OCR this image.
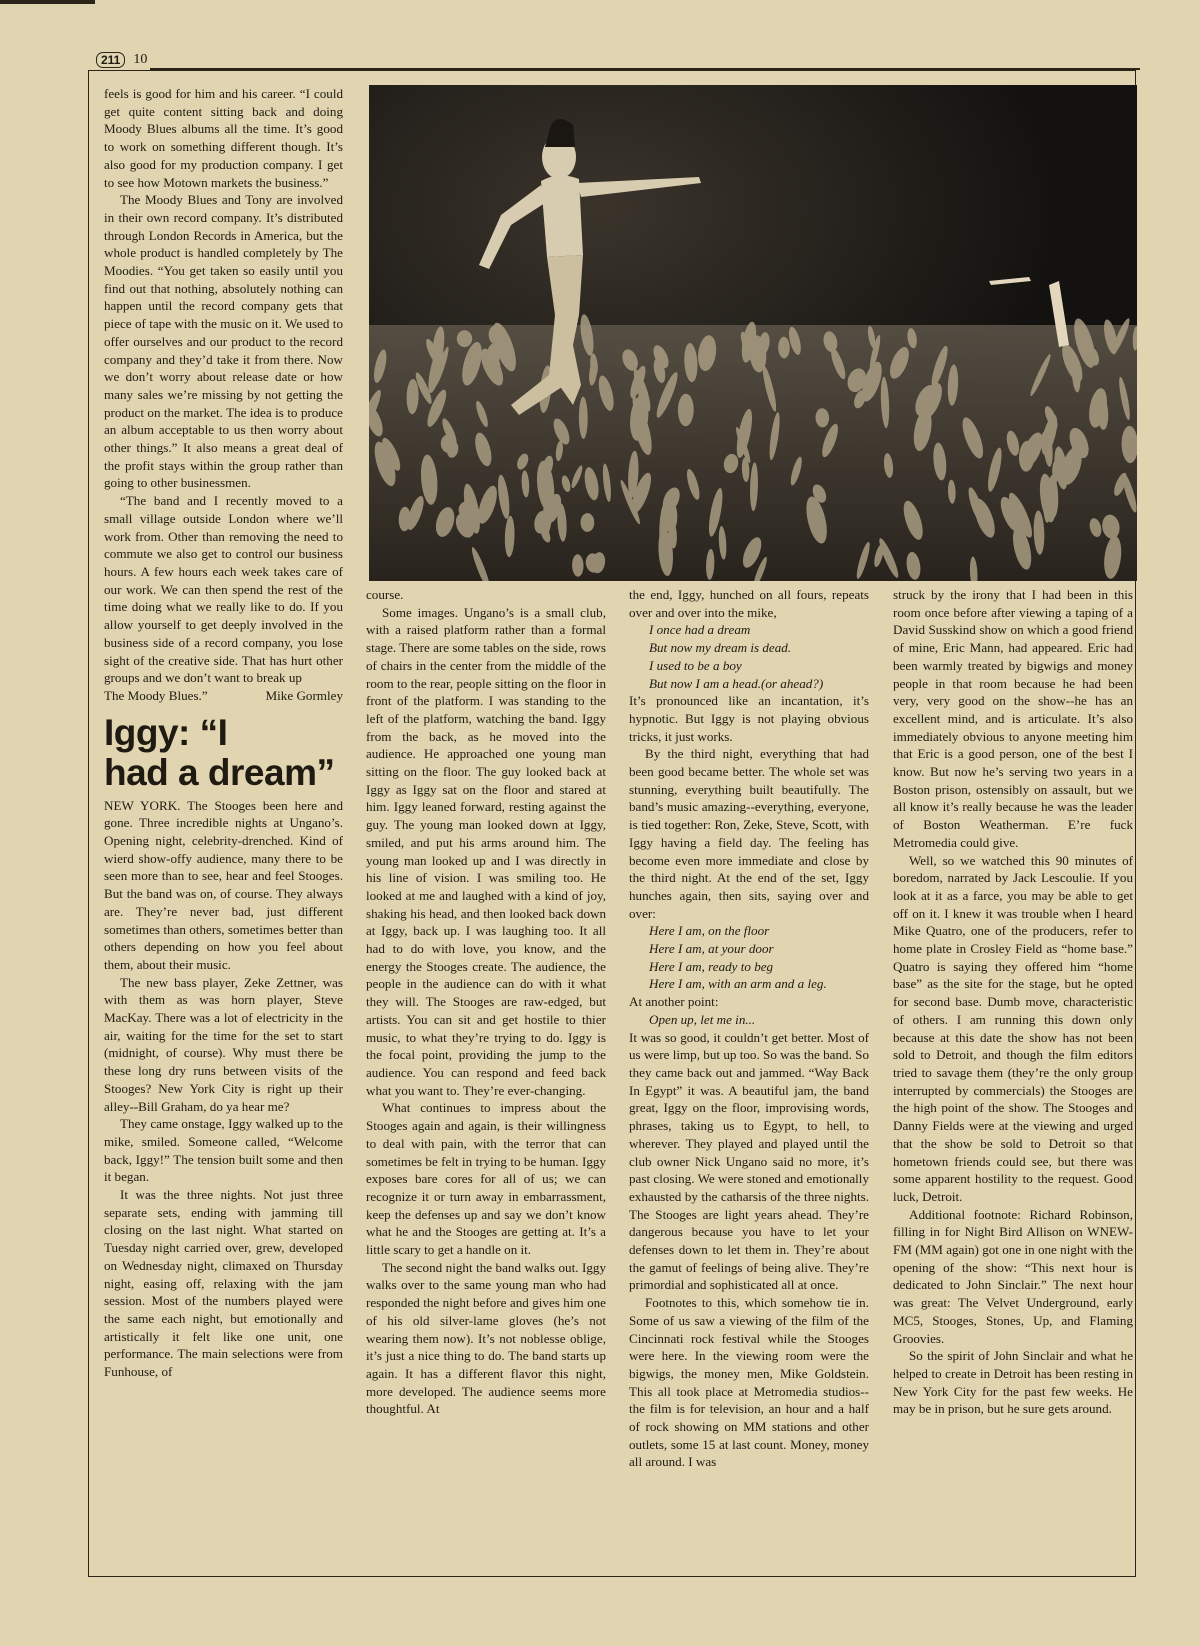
211 10

feels is good for him and his career. “I could get quite content sitting back and doing Moody Blues albums all the time. It’s good to work on something different though. It’s also good for my production company. I get to see how Motown markets the business.”

The Moody Blues and Tony are involved in their own record company. It’s distributed through London Records in America, but the whole product is handled completely by The Moodies. “You get taken so easily until you find out that nothing, absolutely nothing can happen until the record company gets that piece of tape with the music on it. We used to offer ourselves and our product to the record company and they’d take it from there. Now we don’t worry about release date or how many sales we’re missing by not getting the product on the market. The idea is to produce an album acceptable to us then worry about other things.” It also means a great deal of the profit stays within the group rather than going to other businessmen.

“The band and I recently moved to a small village outside London where we’ll work from. Other than removing the need to commute we also get to control our business hours. A few hours each week takes care of our work. We can then spend the rest of the time doing what we really like to do. If you allow yourself to get deeply involved in the business side of a record company, you lose sight of the creative side. That has hurt other groups and we don’t want to break up

The Moody Blues.”	Mike Gormley

Iggy: “I
had a dream”

NEW YORK. The Stooges been here and gone. Three incredible nights at Ungano’s. Opening night, celebrity-drenched. Kind of wierd show-offy audience, many there to be seen more than to see, hear and feel Stooges. But the band was on, of course. They always are. They’re never bad, just different sometimes than others, sometimes better than others depending on how you feel about them, about their music.

The new bass player, Zeke Zettner, was with them as was horn player, Steve MacKay. There was a lot of electricity in the air, waiting for the time for the set to start (midnight, of course). Why must there be these long dry runs between visits of the Stooges? New York City is right up their alley--Bill Graham, do ya hear me?

They came onstage, Iggy walked up to the mike, smiled. Someone called, “Welcome back, Iggy!” The tension built some and then it began.

It was the three nights. Not just three separate sets, ending with jamming till closing on the last night. What started on Tuesday night carried over, grew, developed on Wednesday night, climaxed on Thursday night, easing off, relaxing with the jam session. Most of the numbers played were the same each night, but emotionally and artistically it felt like one unit, one performance. The main selections were from Funhouse, of

course.

Some images. Ungano’s is a small club, with a raised platform rather than a formal stage. There are some tables on the side, rows of chairs in the center from the middle of the room to the rear, people sitting on the floor in front of the platform. I was standing to the left of the platform, watching the band. Iggy from the back, as he moved into the audience. He approached one young man sitting on the floor. The guy looked back at Iggy as Iggy sat on the floor and stared at him. Iggy leaned forward, resting against the guy. The young man looked down at Iggy, smiled, and put his arms around him. The young man looked up and I was directly in his line of vision. I was smiling too. He looked at me and laughed with a kind of joy, shaking his head, and then looked back down at Iggy, back up. I was laughing too. It all had to do with love, you know, and the energy the Stooges create. The audience, the people in the audience can do with it what they will. The Stooges are raw-edged, but artists. You can sit and get hostile to thier music, to what they’re trying to do. Iggy is the focal point, providing the jump to the audience. You can respond and feed back what you want to. They’re ever-changing.

What continues to impress about the Stooges again and again, is their willingness to deal with pain, with the terror that can sometimes be felt in trying to be human. Iggy exposes bare cores for all of us; we can recognize it or turn away in embarrassment, keep the defenses up and say we don’t know what he and the Stooges are getting at. It’s a little scary to get a handle on it.

The second night the band walks out. Iggy walks over to the same young man who had responded the night before and gives him one of his old silver-lame gloves (he’s not wearing them now). It’s not noblesse oblige, it’s just a nice thing to do. The band starts up again. It has a different flavor this night, more developed. The audience seems more thoughtful. At

the end, Iggy, hunched on all fours, repeats over and over into the mike,

I once had a dream

But now my dream is dead.

I used to be a boy

But now I am a head.(or ahead?)

It’s pronounced like an incantation, it’s hypnotic. But Iggy is not playing obvious tricks, it just works.

By the third night, everything that had been good became better. The whole set was stunning, everything built beautifully. The band’s music amazing--everything, everyone, is tied together: Ron, Zeke, Steve, Scott, with Iggy having a field day. The feeling has become even more immediate and close by the third night. At the end of the set, Iggy hunches again, then sits, saying over and over:

Here I am, on the floor

Here I am, at your door

Here I am, ready to beg

Here I am, with an arm and a leg.

At another point:

Open up, let me in...

It was so good, it couldn’t get better. Most of us were limp, but up too. So was the band. So they came back out and jammed. “Way Back In Egypt” it was. A beautiful jam, the band great, Iggy on the floor, improvising words, phrases, taking us to Egypt, to hell, to wherever. They played and played until the club owner Nick Ungano said no more, it’s past closing. We were stoned and emotionally exhausted by the catharsis of the three nights. The Stooges are light years ahead. They’re dangerous because you have to let your defenses down to let them in. They’re about the gamut of feelings of being alive. They’re primordial and sophisticated all at once.

Footnotes to this, which somehow tie in. Some of us saw a viewing of the film of the Cincinnati rock festival while the Stooges were here. In the viewing room were the bigwigs, the money men, Mike Goldstein. This all took place at Metromedia studios--the film is for television, an hour and a half of rock showing on MM stations and other outlets, some 15 at last count. Money, money all around. I was

struck by the irony that I had been in this room once before after viewing a taping of a David Susskind show on which a good friend of mine, Eric Mann, had appeared. Eric had been warmly treated by bigwigs and money people in that room because he had been very, very good on the show--he has an excellent mind, and is articulate. It’s also immediately obvious to anyone meeting him that Eric is a good person, one of the best I know. But now he’s serving two years in a Boston prison, ostensibly on assault, but we all know it’s really because he was the leader of Boston Weatherman. E’re fuck Metromedia could give.

Well, so we watched this 90 minutes of boredom, narrated by Jack Lescoulie. If you look at it as a farce, you may be able to get off on it. I knew it was trouble when I heard Mike Quatro, one of the producers, refer to home plate in Crosley Field as “home base.” Quatro is saying they offered him “home base” as the site for the stage, but he opted for second base. Dumb move, characteristic of others. I am running this down only because at this date the show has not been sold to Detroit, and though the film editors tried to savage them (they’re the only group interrupted by commercials) the Stooges are the high point of the show. The Stooges and Danny Fields were at the viewing and urged that the show be sold to Detroit so that hometown friends could see, but there was some apparent hostility to the request. Good luck, Detroit.

Additional footnote: Richard Robinson, filling in for Night Bird Allison on WNEW-FM (MM again) got one in one night with the opening of the show: “This next hour is dedicated to John Sinclair.” The next hour was great: The Velvet Underground, early MC5, Stooges, Stones, Up, and Flaming Groovies.

So the spirit of John Sinclair and what he helped to create in Detroit has been resting in New York City for the past few weeks. He may be in prison, but he sure gets around.
